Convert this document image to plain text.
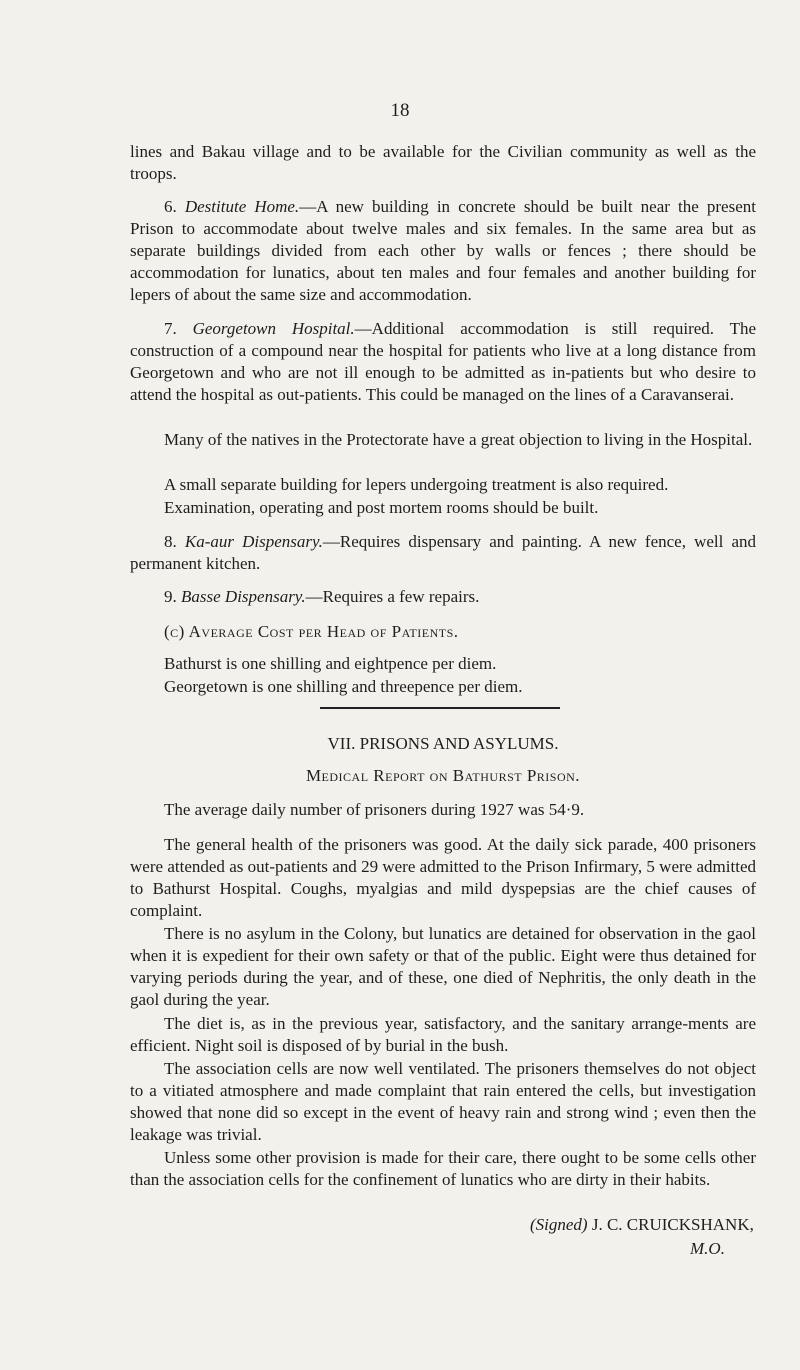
18

lines and Bakau village and to be available for the Civilian community as well as the troops.

6. Destitute Home.—A new building in concrete should be built near the present Prison to accommodate about twelve males and six females. In the same area but as separate buildings divided from each other by walls or fences ; there should be accommodation for lunatics, about ten males and four females and another building for lepers of about the same size and accommodation.

7. Georgetown Hospital.—Additional accommodation is still required. The construction of a compound near the hospital for patients who live at a long distance from Georgetown and who are not ill enough to be admitted as in-patients but who desire to attend the hospital as out-patients. This could be managed on the lines of a Caravanserai.

Many of the natives in the Protectorate have a great objection to living in the Hospital.

A small separate building for lepers undergoing treatment is also required.

Examination, operating and post mortem rooms should be built.

8. Ka-aur Dispensary.—Requires dispensary and painting. A new fence, well and permanent kitchen.

9. Basse Dispensary.—Requires a few repairs.

(c) Average Cost per Head of Patients.

Bathurst is one shilling and eightpence per diem.

Georgetown is one shilling and threepence per diem.

VII. PRISONS AND ASYLUMS.

Medical Report on Bathurst Prison.

The average daily number of prisoners during 1927 was 54·9.

The general health of the prisoners was good. At the daily sick parade, 400 prisoners were attended as out-patients and 29 were admitted to the Prison Infirmary, 5 were admitted to Bathurst Hospital. Coughs, myalgias and mild dyspepsias are the chief causes of complaint.

There is no asylum in the Colony, but lunatics are detained for observation in the gaol when it is expedient for their own safety or that of the public. Eight were thus detained for varying periods during the year, and of these, one died of Nephritis, the only death in the gaol during the year.

The diet is, as in the previous year, satisfactory, and the sanitary arrange-ments are efficient. Night soil is disposed of by burial in the bush.

The association cells are now well ventilated. The prisoners themselves do not object to a vitiated atmosphere and made complaint that rain entered the cells, but investigation showed that none did so except in the event of heavy rain and strong wind ; even then the leakage was trivial.

Unless some other provision is made for their care, there ought to be some cells other than the association cells for the confinement of lunatics who are dirty in their habits.

(Signed) J. C. CRUICKSHANK,
M.O.
